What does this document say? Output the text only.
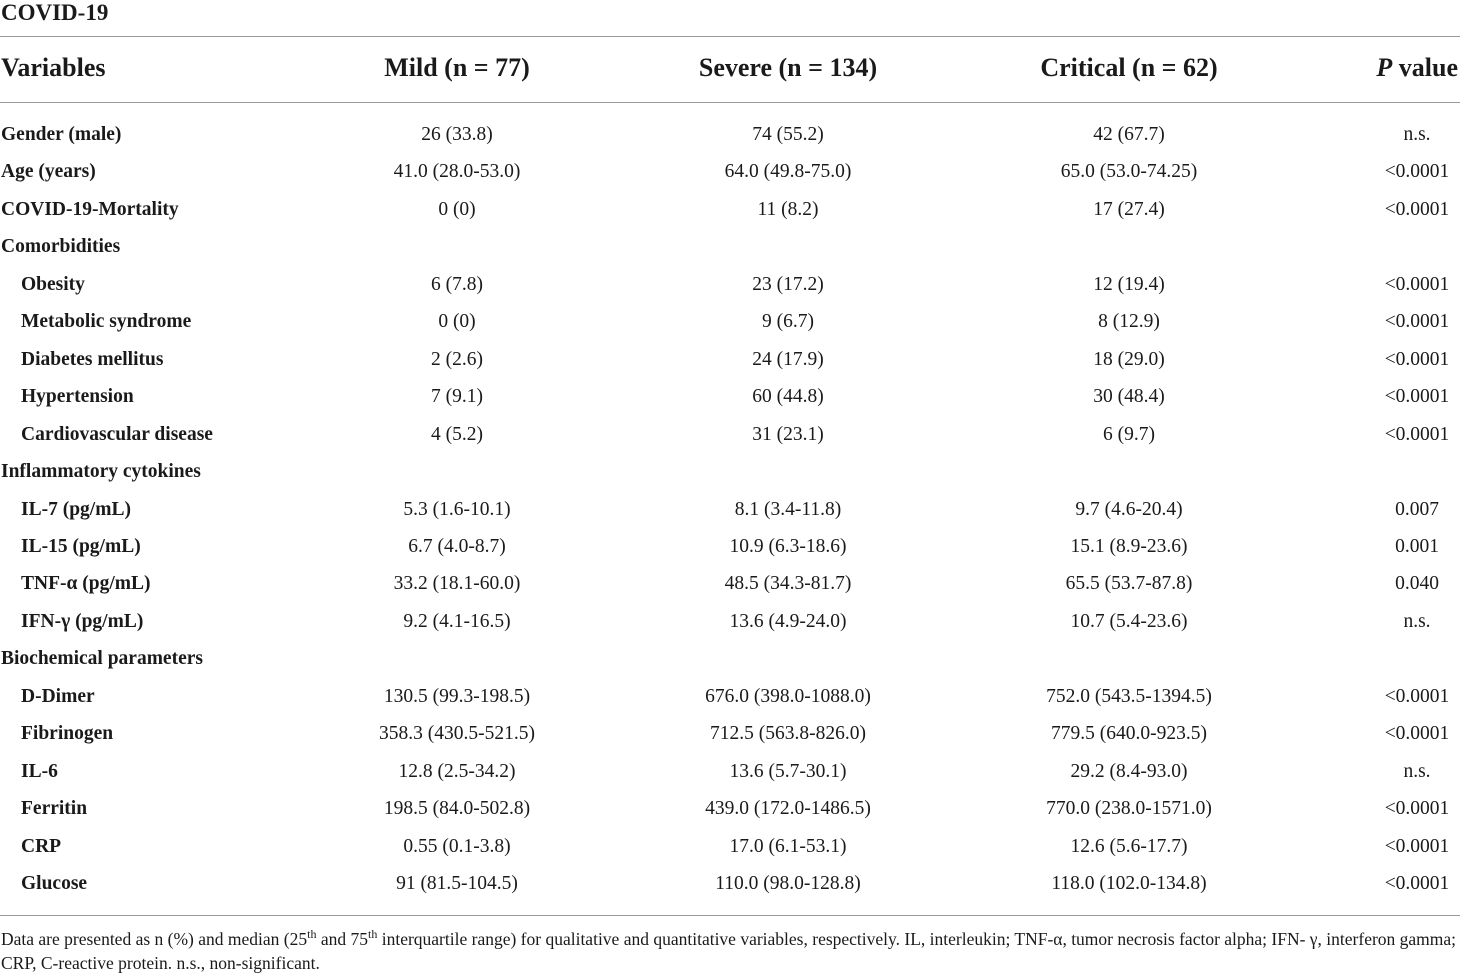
COVID-19
Variables	Mild (n = 77)	Severe (n = 134)	Critical (n = 62)	P value
Gender (male)	26 (33.8)	74 (55.2)	42 (67.7)	n.s.
Age (years)	41.0 (28.0-53.0)	64.0 (49.8-75.0)	65.0 (53.0-74.25)	<0.0001
COVID-19-Mortality	0 (0)	11 (8.2)	17 (27.4)	<0.0001
Comorbidities
Obesity	6 (7.8)	23 (17.2)	12 (19.4)	<0.0001
Metabolic syndrome	0 (0)	9 (6.7)	8 (12.9)	<0.0001
Diabetes mellitus	2 (2.6)	24 (17.9)	18 (29.0)	<0.0001
Hypertension	7 (9.1)	60 (44.8)	30 (48.4)	<0.0001
Cardiovascular disease	4 (5.2)	31 (23.1)	6 (9.7)	<0.0001
Inflammatory cytokines
IL-7 (pg/mL)	5.3 (1.6-10.1)	8.1 (3.4-11.8)	9.7 (4.6-20.4)	0.007
IL-15 (pg/mL)	6.7 (4.0-8.7)	10.9 (6.3-18.6)	15.1 (8.9-23.6)	0.001
TNF-α (pg/mL)	33.2 (18.1-60.0)	48.5 (34.3-81.7)	65.5 (53.7-87.8)	0.040
IFN-γ (pg/mL)	9.2 (4.1-16.5)	13.6 (4.9-24.0)	10.7 (5.4-23.6)	n.s.
Biochemical parameters
D-Dimer	130.5 (99.3-198.5)	676.0 (398.0-1088.0)	752.0 (543.5-1394.5)	<0.0001
Fibrinogen	358.3 (430.5-521.5)	712.5 (563.8-826.0)	779.5 (640.0-923.5)	<0.0001
IL-6	12.8 (2.5-34.2)	13.6 (5.7-30.1)	29.2 (8.4-93.0)	n.s.
Ferritin	198.5 (84.0-502.8)	439.0 (172.0-1486.5)	770.0 (238.0-1571.0)	<0.0001
CRP	0.55 (0.1-3.8)	17.0 (6.1-53.1)	12.6 (5.6-17.7)	<0.0001
Glucose	91 (81.5-104.5)	110.0 (98.0-128.8)	118.0 (102.0-134.8)	<0.0001
Data are presented as n (%) and median (25th and 75th interquartile range) for qualitative and quantitative variables, respectively. IL, interleukin; TNF-α, tumor necrosis factor alpha; IFN- γ, interferon gamma; CRP, C-reactive protein. n.s., non-significant.
